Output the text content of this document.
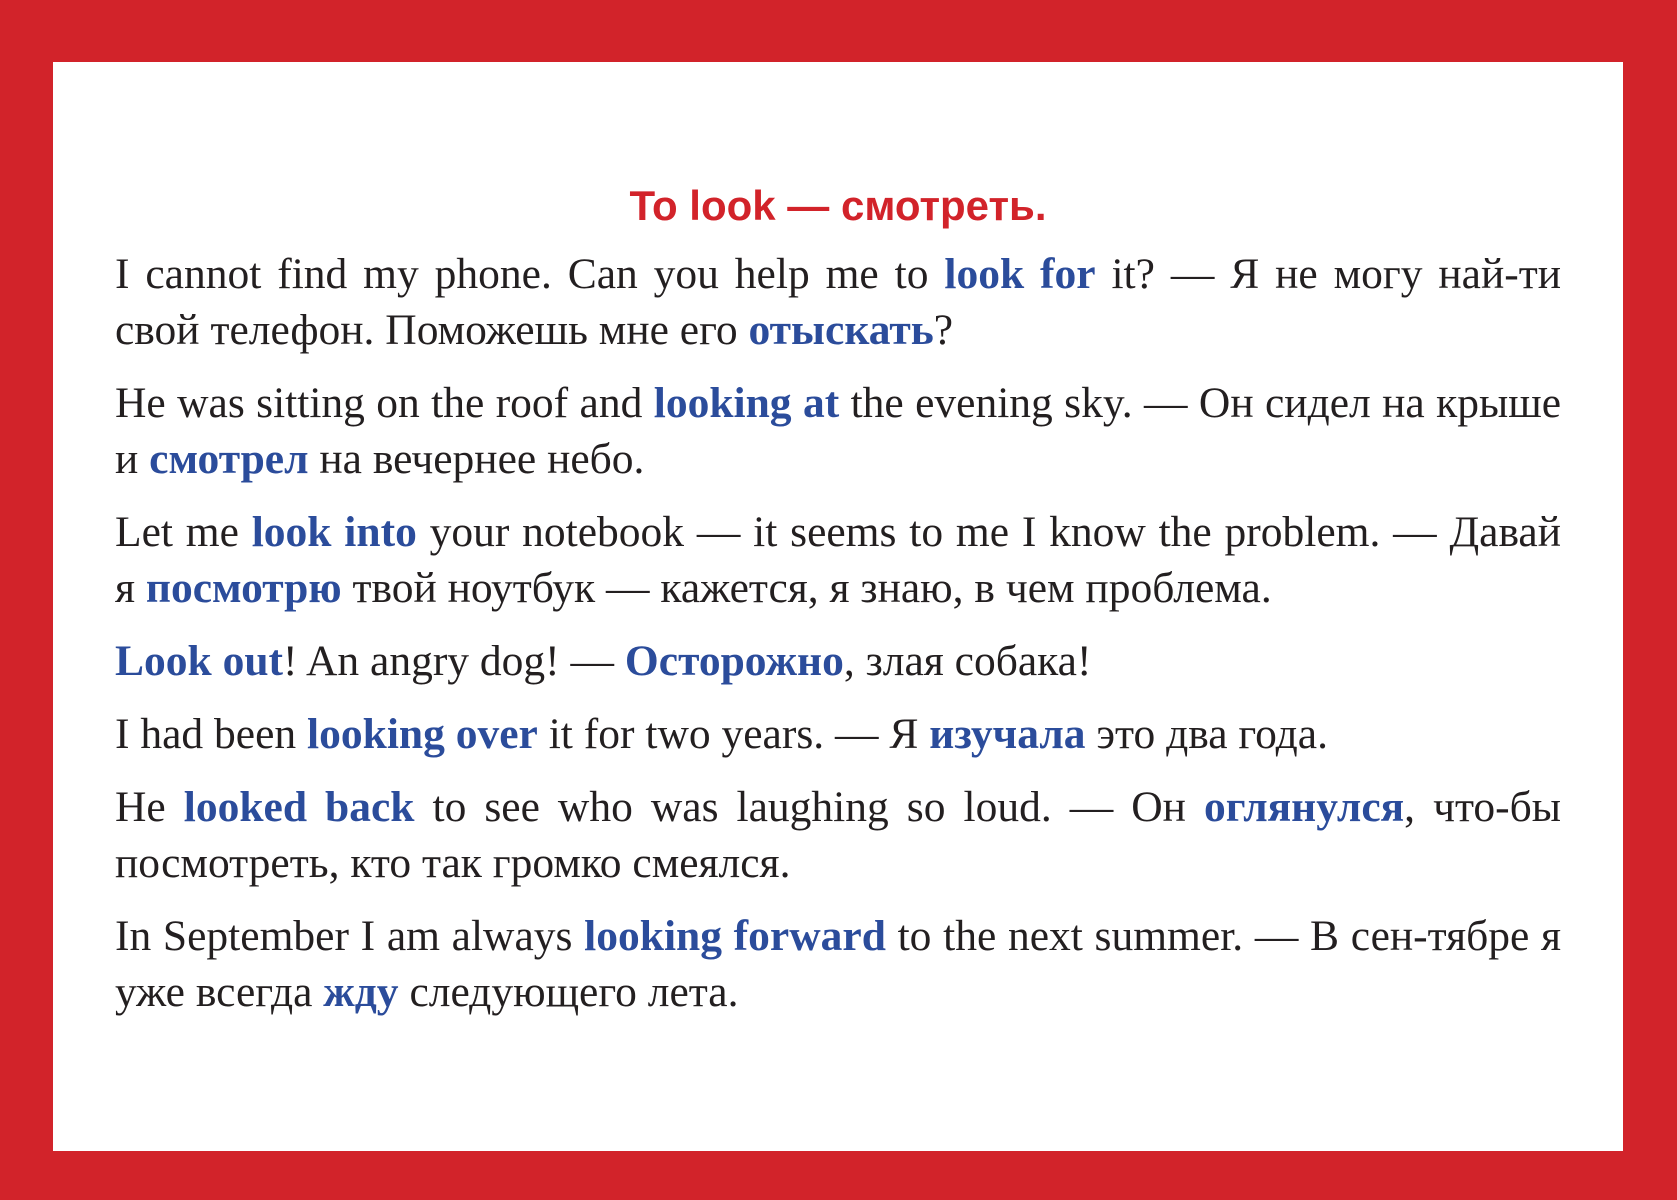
To look — смотреть.

I cannot find my phone. Can you help me to look for it? — Я не могу най-ти свой телефон. Поможешь мне его отыскать?

He was sitting on the roof and looking at the evening sky. — Он сидел на крыше и смотрел на вечернее небо.

Let me look into your notebook — it seems to me I know the problem. — Давай я посмотрю твой ноутбук — кажется, я знаю, в чем проблема.

Look out! An angry dog! — Осторожно, злая собака!

I had been looking over it for two years. — Я изучала это два года.

He looked back to see who was laughing so loud. — Он оглянулся, что-бы посмотреть, кто так громко смеялся.

In September I am always looking forward to the next summer. — В сен-тябре я уже всегда жду следующего лета.
